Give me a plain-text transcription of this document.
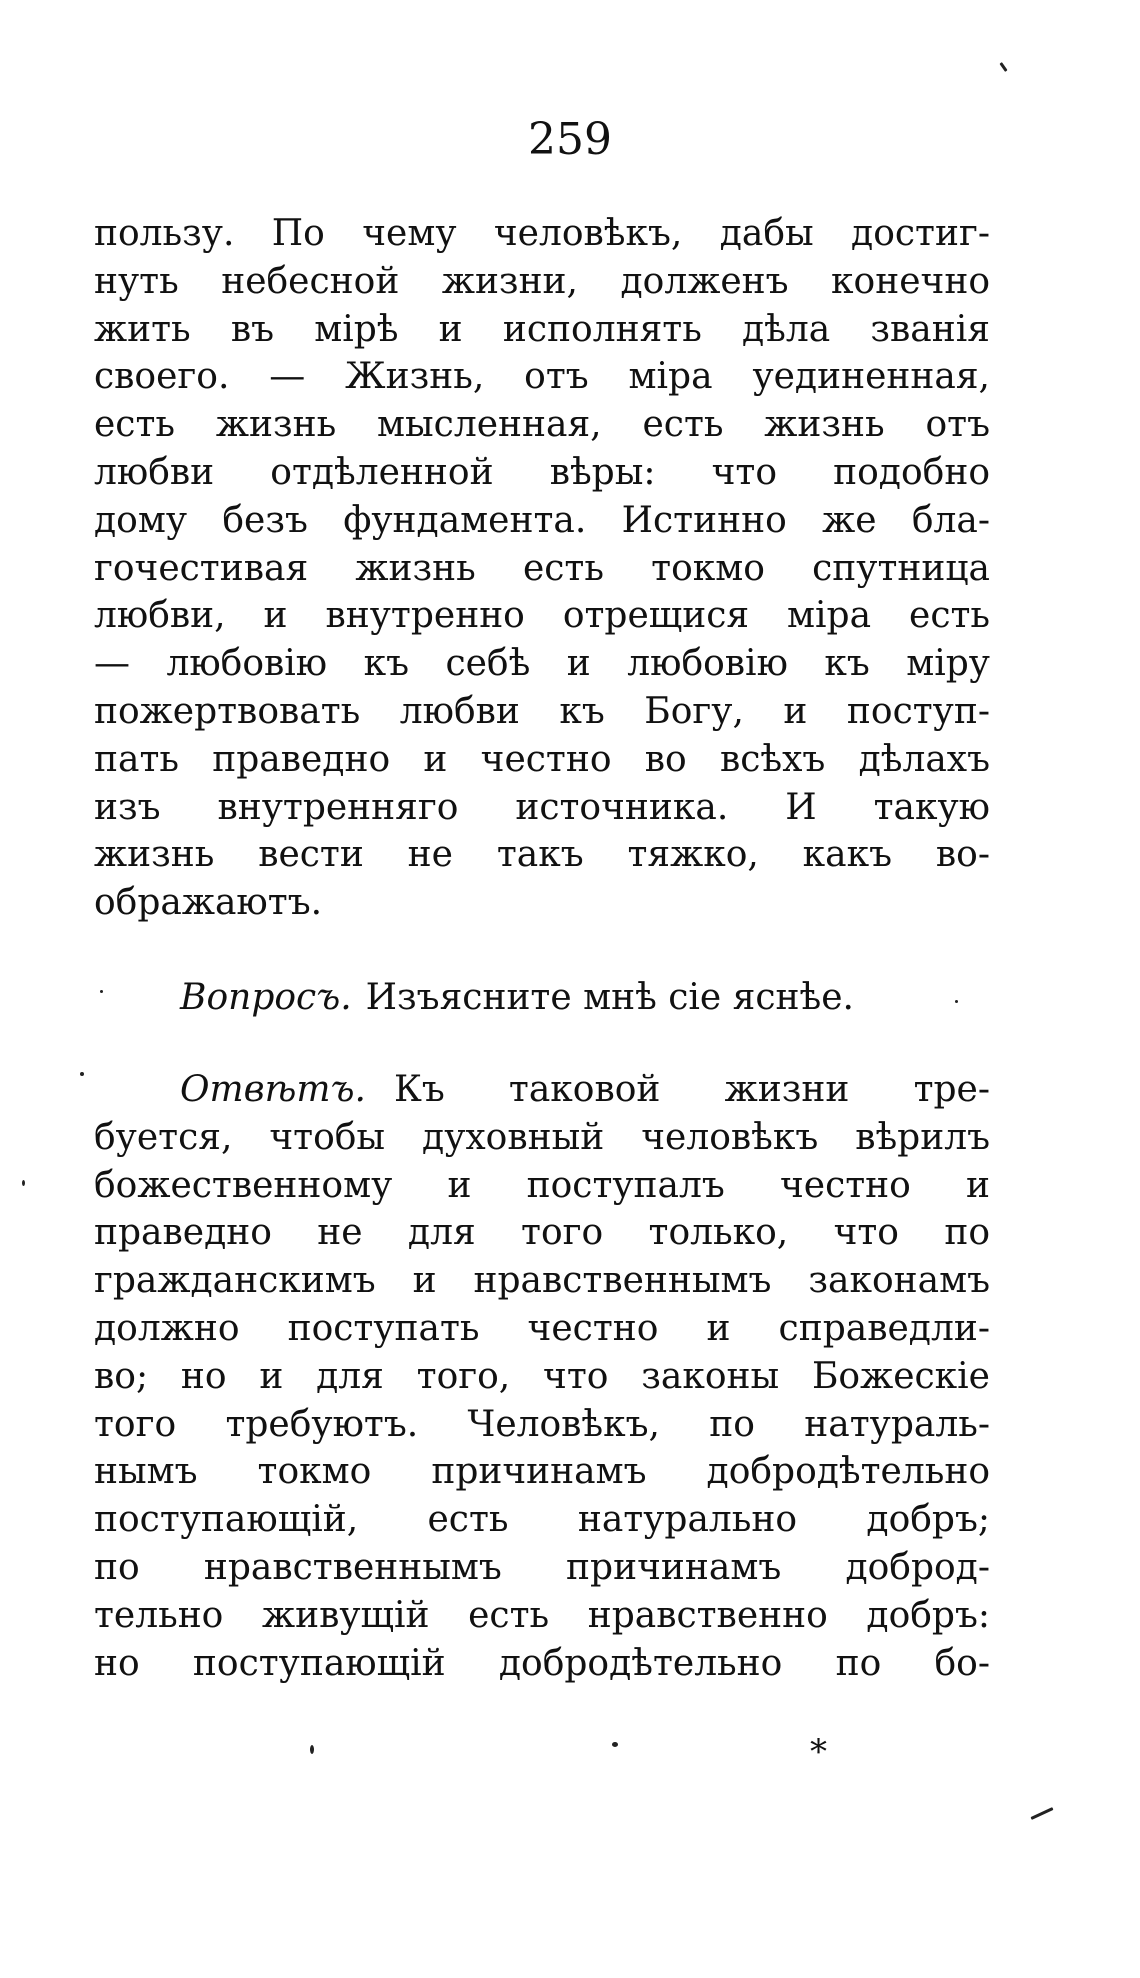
259
пользу. По чему человѣкъ, дабы достиг-
нуть небесной жизни, долженъ конечно
жить въ мірѣ и исполнять дѣла званія
своего. — Жизнь, отъ міра уединенная,
есть жизнь мысленная, есть жизнь отъ
любви отдѣленной вѣры: что подобно
дому безъ фундамента. Истинно же бла-
гочестивая жизнь есть токмо спутница
любви, и внутренно отрещися міра есть
— любовію къ себѣ и любовію къ міру
пожертвовать любви къ Богу, и поступ-
пать праведно и честно во всѣхъ дѣлахъ
изъ внутренняго источника. И такую
жизнь вести не такъ тяжко, какъ во-
ображаютъ.
Вопросъ. Изъясните мнѣ сіе яснѣе.
Отвѣтъ. Къ таковой жизни тре-
буется, чтобы духовный человѣкъ вѣрилъ
божественному и поступалъ честно и
праведно не для того только, что по
гражданскимъ и нравственнымъ законамъ
должно поступать честно и справедли-
во; но и для того, что законы Божескіе
того требуютъ. Человѣкъ, по натураль-
нымъ токмо причинамъ добродѣтельно
поступающій, есть натурально добръ;
по нравственнымъ причинамъ доброд-
тельно живущій есть нравственно добръ:
но поступающій добродѣтельно по бо-
*
